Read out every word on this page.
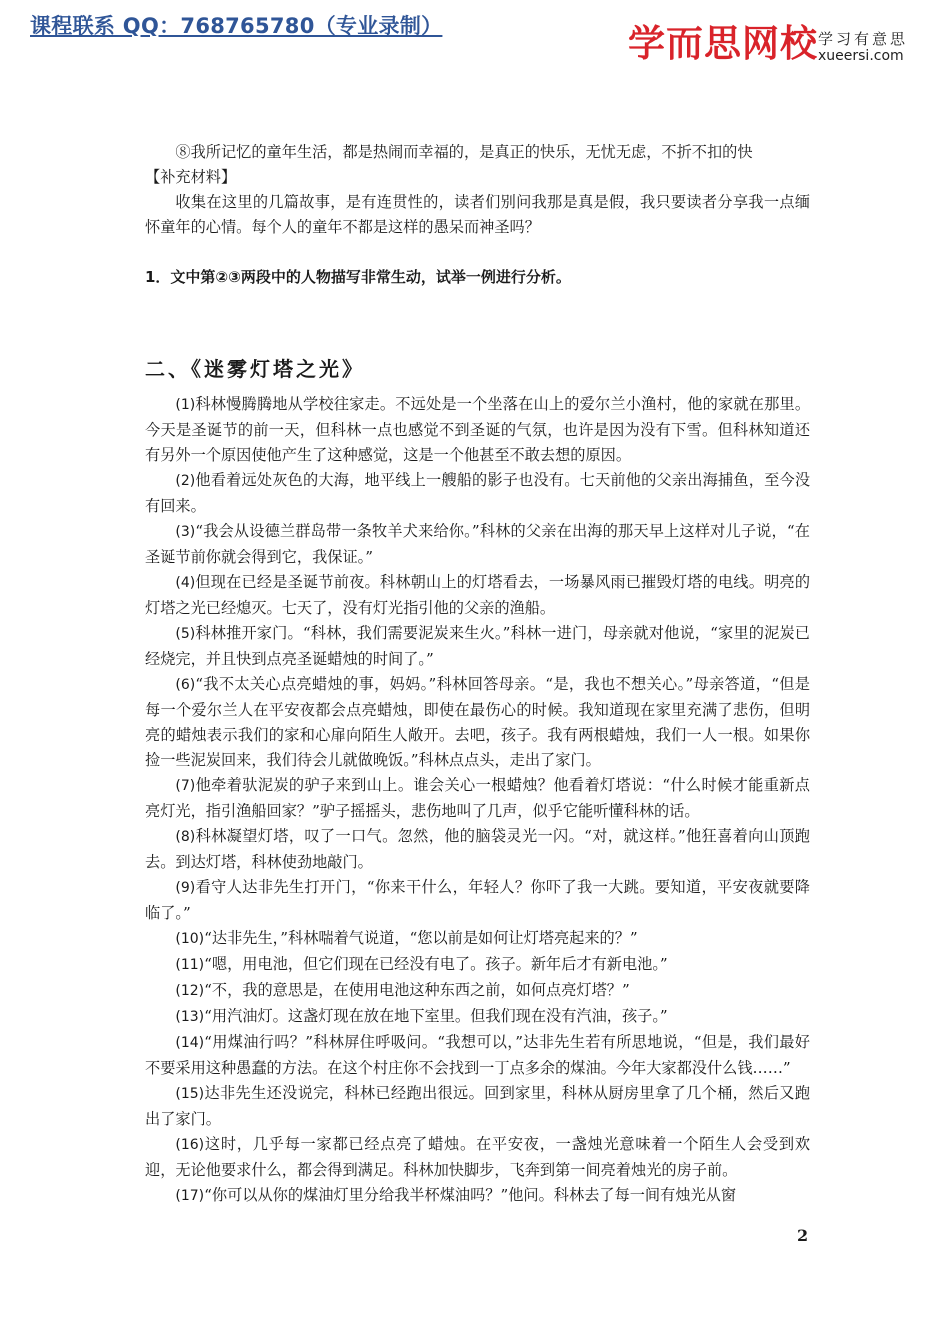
课程联系 QQ：768765780（专业录制）	学而思网校 学习有意思
xueersi.com

⑧我所记忆的童年生活，都是热闹而幸福的，是真正的快乐，无忧无虑，不折不扣的快

【补充材料】

收集在这里的几篇故事，是有连贯性的，读者们别问我那是真是假，我只要读者分享我一点缅怀童年的心情。每个人的童年不都是这样的愚呆而神圣吗？

1．文中第②③两段中的人物描写非常生动，试举一例进行分析。

二、《迷雾灯塔之光》

(1)科林慢腾腾地从学校往家走。不远处是一个坐落在山上的爱尔兰小渔村，他的家就在那里。今天是圣诞节的前一天，但科林一点也感觉不到圣诞的气氛，也许是因为没有下雪。但科林知道还有另外一个原因使他产生了这种感觉，这是一个他甚至不敢去想的原因。

(2)他看着远处灰色的大海，地平线上一艘船的影子也没有。七天前他的父亲出海捕鱼，至今没有回来。

(3)“我会从设德兰群岛带一条牧羊犬来给你。”科林的父亲在出海的那天早上这样对儿子说，“在圣诞节前你就会得到它，我保证。”

(4)但现在已经是圣诞节前夜。科林朝山上的灯塔看去，一场暴风雨已摧毁灯塔的电线。明亮的灯塔之光已经熄灭。七天了，没有灯光指引他的父亲的渔船。

(5)科林推开家门。“科林，我们需要泥炭来生火。”科林一进门，母亲就对他说，“家里的泥炭已经烧完，并且快到点亮圣诞蜡烛的时间了。”

(6)“我不太关心点亮蜡烛的事，妈妈。”科林回答母亲。“是，我也不想关心。”母亲答道，“但是每一个爱尔兰人在平安夜都会点亮蜡烛，即使在最伤心的时候。我知道现在家里充满了悲伤，但明亮的蜡烛表示我们的家和心扉向陌生人敞开。去吧，孩子。我有两根蜡烛，我们一人一根。如果你捡一些泥炭回来，我们待会儿就做晚饭。”科林点点头，走出了家门。

(7)他牵着驮泥炭的驴子来到山上。谁会关心一根蜡烛？他看着灯塔说：“什么时候才能重新点亮灯光，指引渔船回家？”驴子摇摇头，悲伤地叫了几声，似乎它能听懂科林的话。

(8)科林凝望灯塔，叹了一口气。忽然，他的脑袋灵光一闪。“对，就这样。”他狂喜着向山顶跑去。到达灯塔，科林使劲地敲门。

(9)看守人达非先生打开门，“你来干什么，年轻人？你吓了我一大跳。要知道，平安夜就要降临了。”

(10)“达非先生，”科林喘着气说道，“您以前是如何让灯塔亮起来的？”

(11)“嗯，用电池，但它们现在已经没有电了。孩子。新年后才有新电池。”

(12)“不，我的意思是，在使用电池这种东西之前，如何点亮灯塔？”

(13)“用汽油灯。这盏灯现在放在地下室里。但我们现在没有汽油，孩子。”

(14)“用煤油行吗？”科林屏住呼吸问。“我想可以，”达非先生若有所思地说，“但是，我们最好不要采用这种愚蠢的方法。在这个村庄你不会找到一丁点多余的煤油。今年大家都没什么钱……”

(15)达非先生还没说完，科林已经跑出很远。回到家里，科林从厨房里拿了几个桶，然后又跑出了家门。

(16)这时，几乎每一家都已经点亮了蜡烛。在平安夜，一盏烛光意味着一个陌生人会受到欢迎，无论他要求什么，都会得到满足。科林加快脚步，飞奔到第一间亮着烛光的房子前。

(17)“你可以从你的煤油灯里分给我半杯煤油吗？”他问。科林去了每一间有烛光从窗

2
